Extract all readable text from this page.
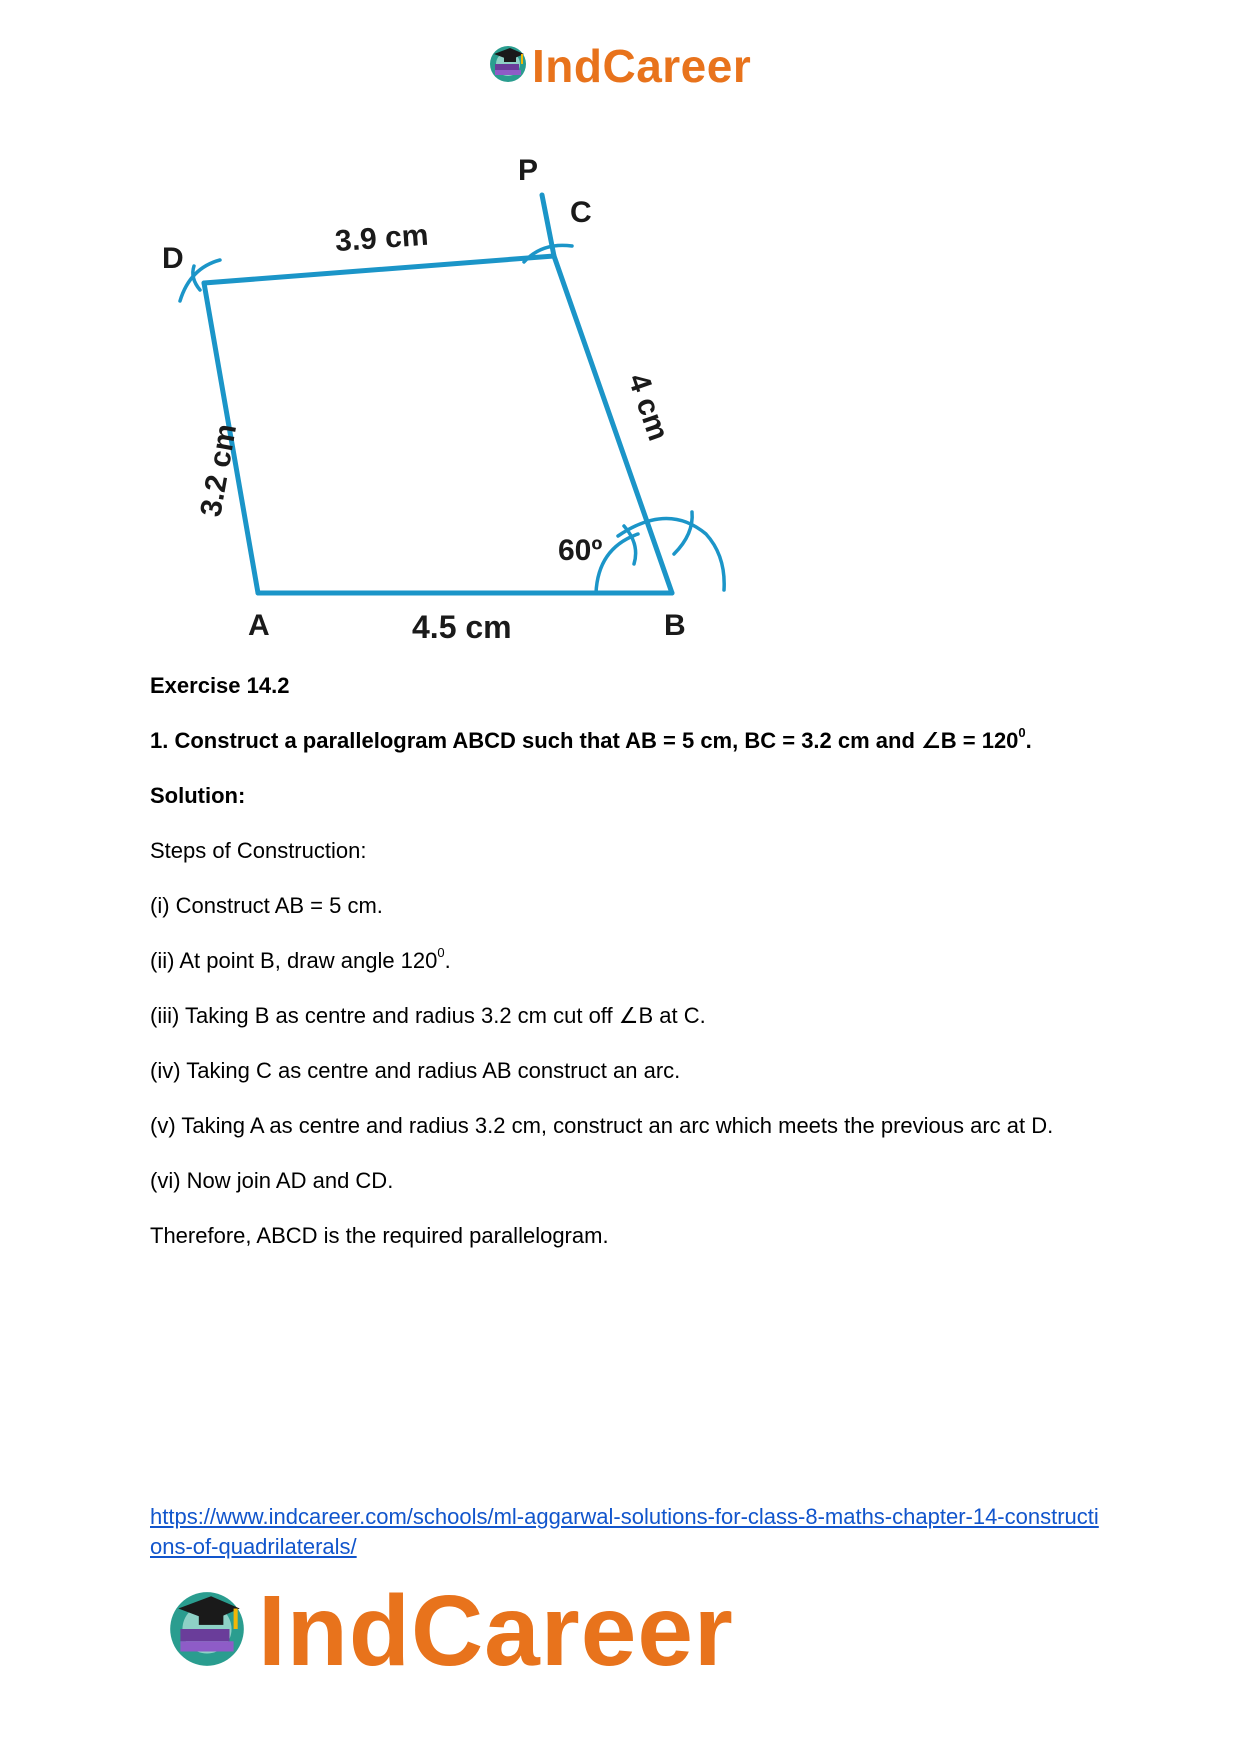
IndCareer
P
C
D
A	B
3.9 cm
4 cm
3.2 cm
4.5 cm
60º

Exercise 14.2

1. Construct a parallelogram ABCD such that AB = 5 cm, BC = 3.2 cm and ∠B = $120^0$.

Solution:

Steps of Construction:

(i) Construct AB = 5 cm.

(ii) At point B, draw angle $120^0$.

(iii) Taking B as centre and radius 3.2 cm cut off ∠B at C.

(iv) Taking C as centre and radius AB construct an arc.

(v) Taking A as centre and radius 3.2 cm, construct an arc which meets the previous arc at D.

(vi) Now join AD and CD.

Therefore, ABCD is the required parallelogram.

https://www.indcareer.com/schools/ml-aggarwal-solutions-for-class-8-maths-chapter-14-constructions-of-quadrilaterals/
IndCareer
